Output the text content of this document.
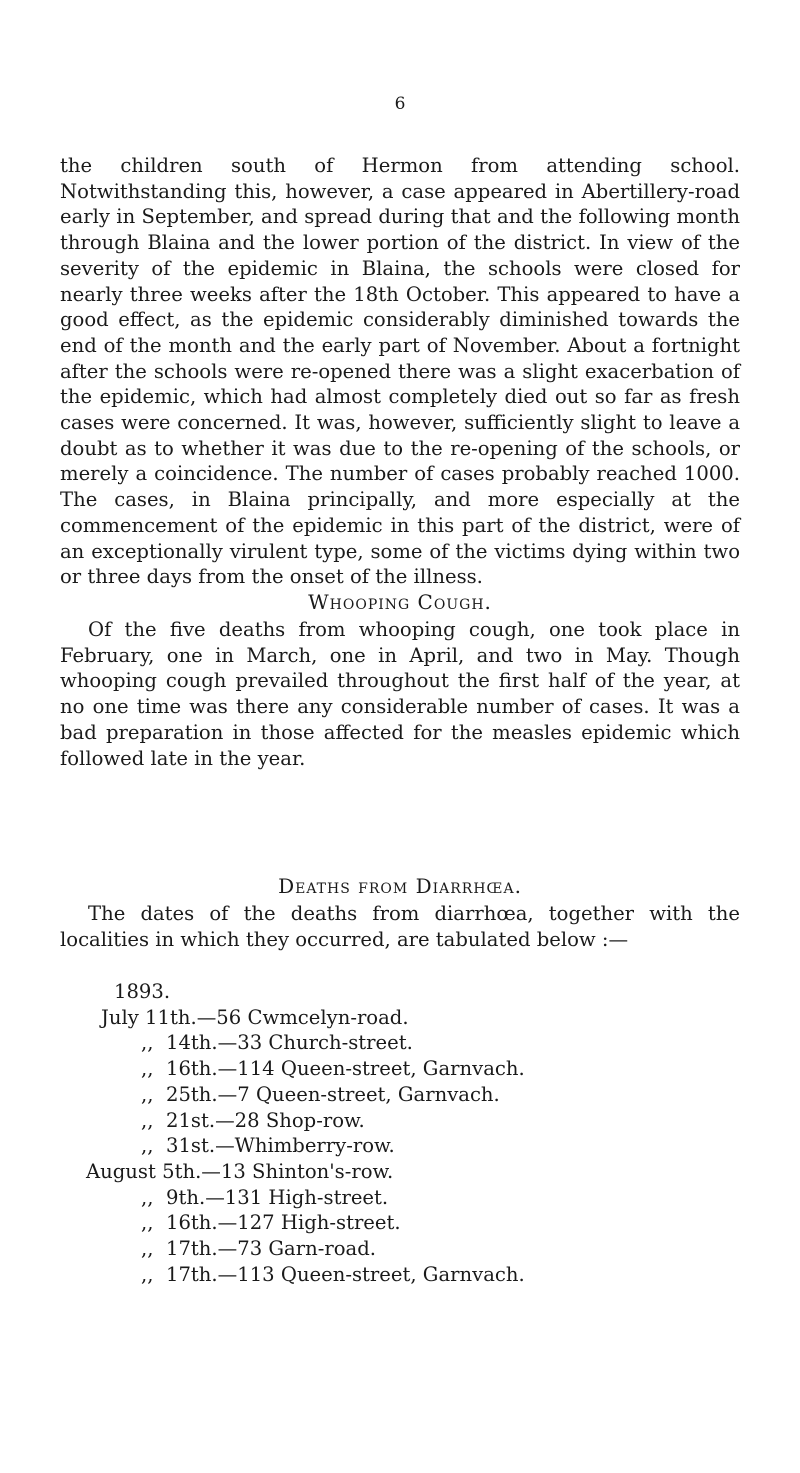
6

the children south of Hermon from attending school. Notwithstanding this, however, a case appeared in Abertillery-road early in September, and spread during that and the following month through Blaina and the lower portion of the district. In view of the severity of the epidemic in Blaina, the schools were closed for nearly three weeks after the 18th October. This appeared to have a good effect, as the epidemic considerably diminished towards the end of the month and the early part of November. About a fortnight after the schools were re-opened there was a slight exacerbation of the epidemic, which had almost completely died out so far as fresh cases were concerned. It was, however, sufficiently slight to leave a doubt as to whether it was due to the re-opening of the schools, or merely a coincidence. The number of cases probably reached 1000. The cases, in Blaina principally, and more especially at the commencement of the epidemic in this part of the district, were of an exceptionally virulent type, some of the victims dying within two or three days from the onset of the illness.

Whooping Cough.

Of the five deaths from whooping cough, one took place in February, one in March, one in April, and two in May. Though whooping cough prevailed throughout the first half of the year, at no one time was there any considerable number of cases. It was a bad preparation in those affected for the measles epidemic which followed late in the year.

Deaths from Diarrhœa.

The dates of the deaths from diarrhœa, together with the localities in which they occurred, are tabulated below :—

1893.
July
11th.—56 Cwmcelyn-road.
,, 14th.—33 Church-street.
,, 16th.—114 Queen-street, Garnvach.
,, 25th.—7 Queen-street, Garnvach.
,, 21st.—28 Shop-row.
,, 31st.—Whimberry-row.
August
5th.—13 Shinton's-row.
,, 9th.—131 High-street.
,, 16th.—127 High-street.
,, 17th.—73 Garn-road.
,, 17th.—113 Queen-street, Garnvach.
